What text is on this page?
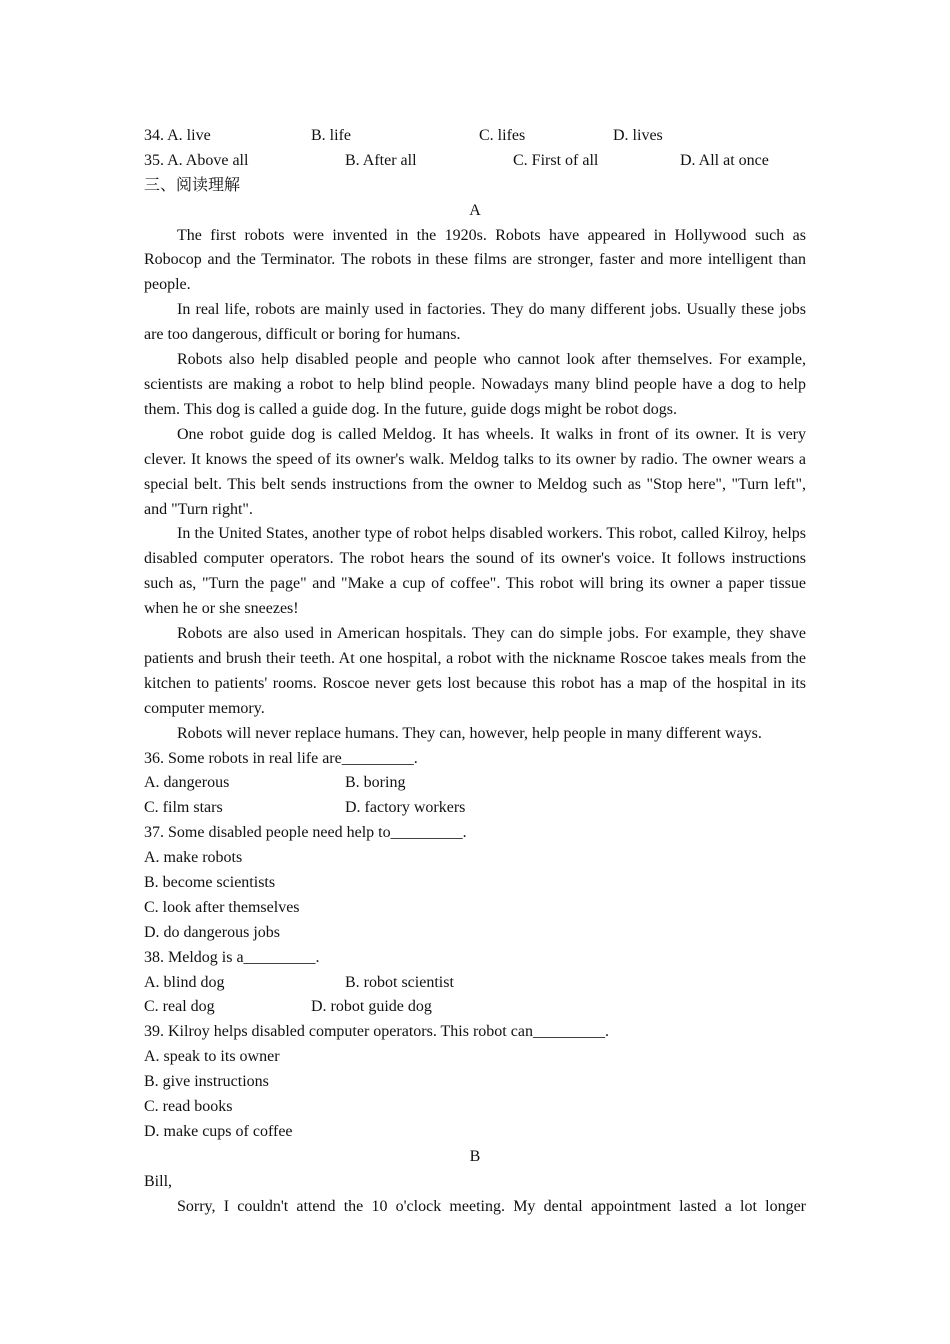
34. A. live	B. life	C. lifes	D. lives
35. A. Above all	B. After all	C. First of all	D. All at once
三、阅读理解
A
The first robots were invented in the 1920s. Robots have appeared in Hollywood such as Robocop and the Terminator. The robots in these films are stronger, faster and more intelligent than people.
In real life, robots are mainly used in factories. They do many different jobs. Usually these jobs are too dangerous, difficult or boring for humans.
Robots also help disabled people and people who cannot look after themselves. For example, scientists are making a robot to help blind people. Nowadays many blind people have a dog to help them. This dog is called a guide dog. In the future, guide dogs might be robot dogs.
One robot guide dog is called Meldog. It has wheels. It walks in front of its owner. It is very clever. It knows the speed of its owner's walk. Meldog talks to its owner by radio. The owner wears a special belt. This belt sends instructions from the owner to Meldog such as "Stop here", "Turn left", and "Turn right".
In the United States, another type of robot helps disabled workers. This robot, called Kilroy, helps disabled computer operators. The robot hears the sound of its owner's voice. It follows instructions such as, "Turn the page" and "Make a cup of coffee". This robot will bring its owner a paper tissue when he or she sneezes!
Robots are also used in American hospitals. They can do simple jobs. For example, they shave patients and brush their teeth. At one hospital, a robot with the nickname Roscoe takes meals from the kitchen to patients' rooms. Roscoe never gets lost because this robot has a map of the hospital in its computer memory.
Robots will never replace humans. They can, however, help people in many different ways.
36. Some robots in real life are_________.
A. dangerous	B. boring
C. film stars	D. factory workers
37. Some disabled people need help to_________.
A. make robots
B. become scientists
C. look after themselves
D. do dangerous jobs
38. Meldog is a_________.
A. blind dog	B. robot scientist
C. real dog	D. robot guide dog
39. Kilroy helps disabled computer operators. This robot can_________.
A. speak to its owner
B. give instructions
C. read books
D. make cups of coffee
B
Bill,
Sorry, I couldn't attend the 10 o'clock meeting. My dental appointment lasted a lot longer
